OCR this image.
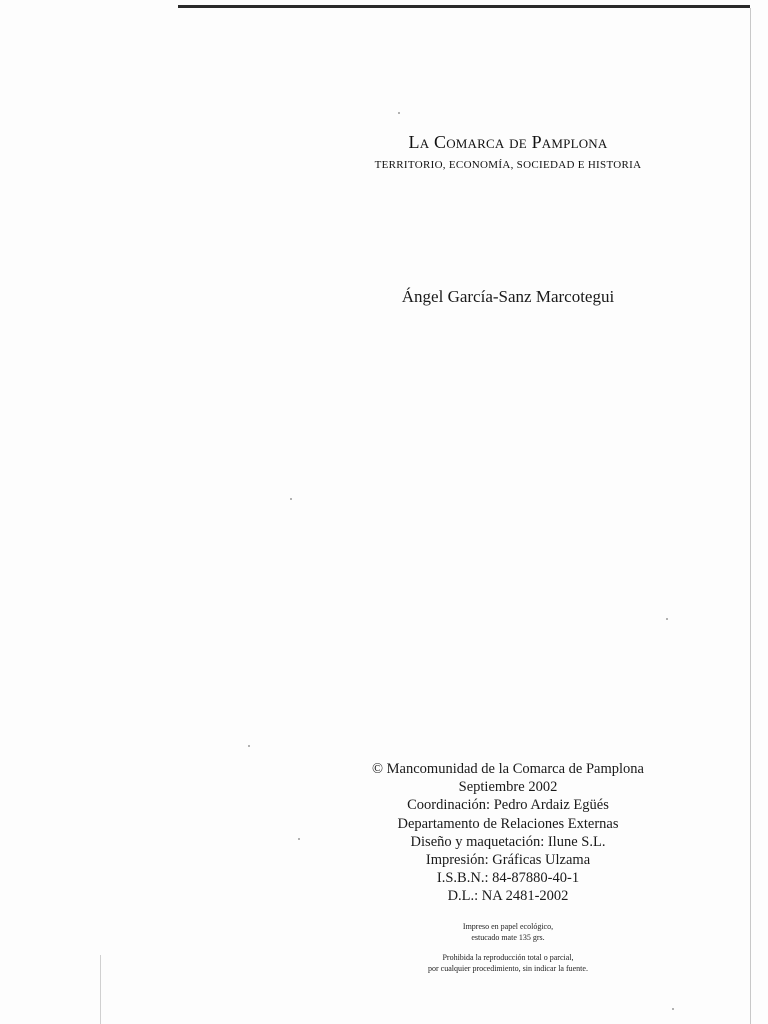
La Comarca de Pamplona
TERRITORIO, ECONOMÍA, SOCIEDAD E HISTORIA
Ángel García-Sanz Marcotegui
© Mancomunidad de la Comarca de Pamplona
Septiembre 2002
Coordinación: Pedro Ardaiz Egüés
Departamento de Relaciones Externas
Diseño y maquetación: Ilune S.L.
Impresión: Gráficas Ulzama
I.S.B.N.: 84-87880-40-1
D.L.: NA 2481-2002
Impreso en papel ecológico,
estucado mate 135 grs.
Prohibida la reproducción total o parcial,
por cualquier procedimiento, sin indicar la fuente.
